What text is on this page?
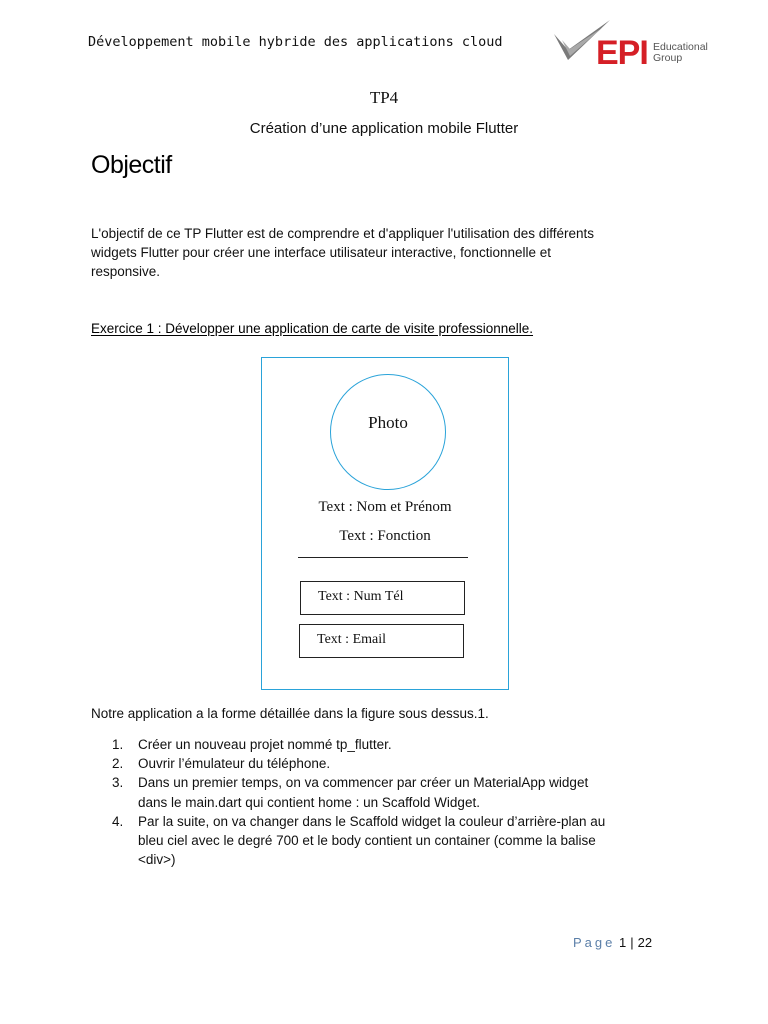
Développement mobile hybride des applications cloud	EPI Educational
Group
TP4
Création d’une application mobile Flutter
Objectif
L'objectif de ce TP Flutter est de comprendre et d'appliquer l'utilisation des différents
widgets Flutter pour créer une interface utilisateur interactive, fonctionnelle et
responsive.
Exercice 1 : Développer une application de carte de visite professionnelle.
Photo
Text : Nom et Prénom
Text : Fonction
Text : Num Tél
Text : Email
Notre application a la forme détaillée dans la figure sous dessus.1.
1. Créer un nouveau projet nommé tp_flutter.
2. Ouvrir l’émulateur du téléphone.
3. Dans un premier temps, on va commencer par créer un MaterialApp widget
dans le main.dart qui contient home : un Scaffold Widget.
4. Par la suite, on va changer dans le Scaffold widget la couleur d’arrière-plan au
bleu ciel avec le degré 700 et le body contient un container (comme la balise
<div>)
Page 1 | 22
